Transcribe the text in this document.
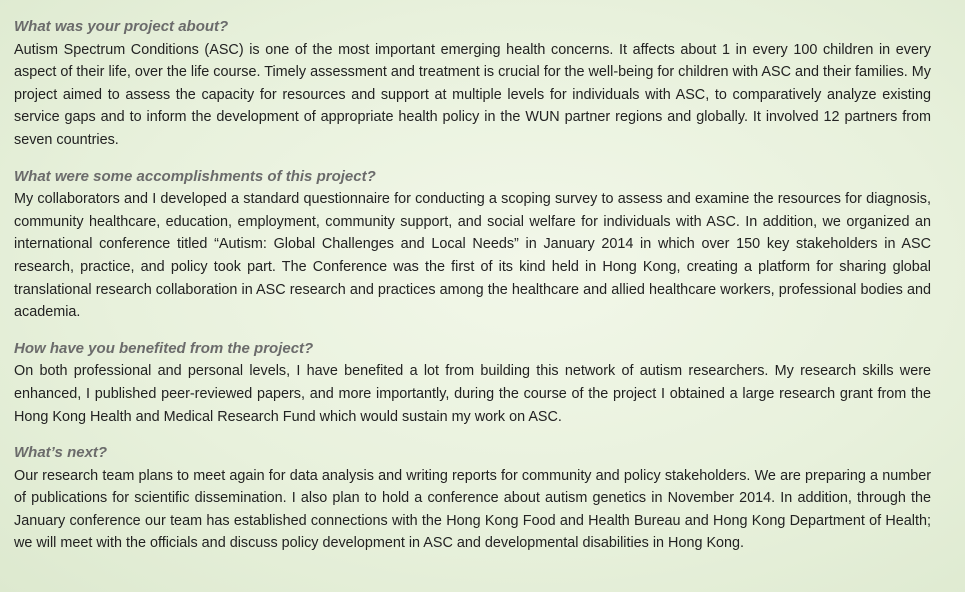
What was your project about?

Autism Spectrum Conditions (ASC) is one of the most important emerging health concerns. It affects about 1 in every 100 children in every aspect of their life, over the life course. Timely assessment and treatment is crucial for the well-being for children with ASC and their families. My project aimed to assess the capacity for resources and support at multiple levels for individuals with ASC, to comparatively analyze existing service gaps and to inform the development of appropriate health policy in the WUN partner regions and globally. It involved 12 partners from seven countries.

What were some accomplishments of this project?

My collaborators and I developed a standard questionnaire for conducting a scoping survey to assess and examine the resources for diagnosis, community healthcare, education, employment, community support, and social welfare for individuals with ASC. In addition, we organized an international conference titled “Autism: Global Challenges and Local Needs” in January 2014 in which over 150 key stakeholders in ASC research, practice, and policy took part. The Conference was the first of its kind held in Hong Kong, creating a platform for sharing global translational research collaboration in ASC research and practices among the healthcare and allied healthcare workers, professional bodies and academia.

How have you benefited from the project?

On both professional and personal levels, I have benefited a lot from building this network of autism researchers. My research skills were enhanced, I published peer-reviewed papers, and more importantly, during the course of the project I obtained a large research grant from the Hong Kong Health and Medical Research Fund which would sustain my work on ASC.

What’s next?

Our research team plans to meet again for data analysis and writing reports for community and policy stakeholders. We are preparing a number of publications for scientific dissemination. I also plan to hold a conference about autism genetics in November 2014. In addition, through the January conference our team has established connections with the Hong Kong Food and Health Bureau and Hong Kong Department of Health; we will meet with the officials and discuss policy development in ASC and developmental disabilities in Hong Kong.
